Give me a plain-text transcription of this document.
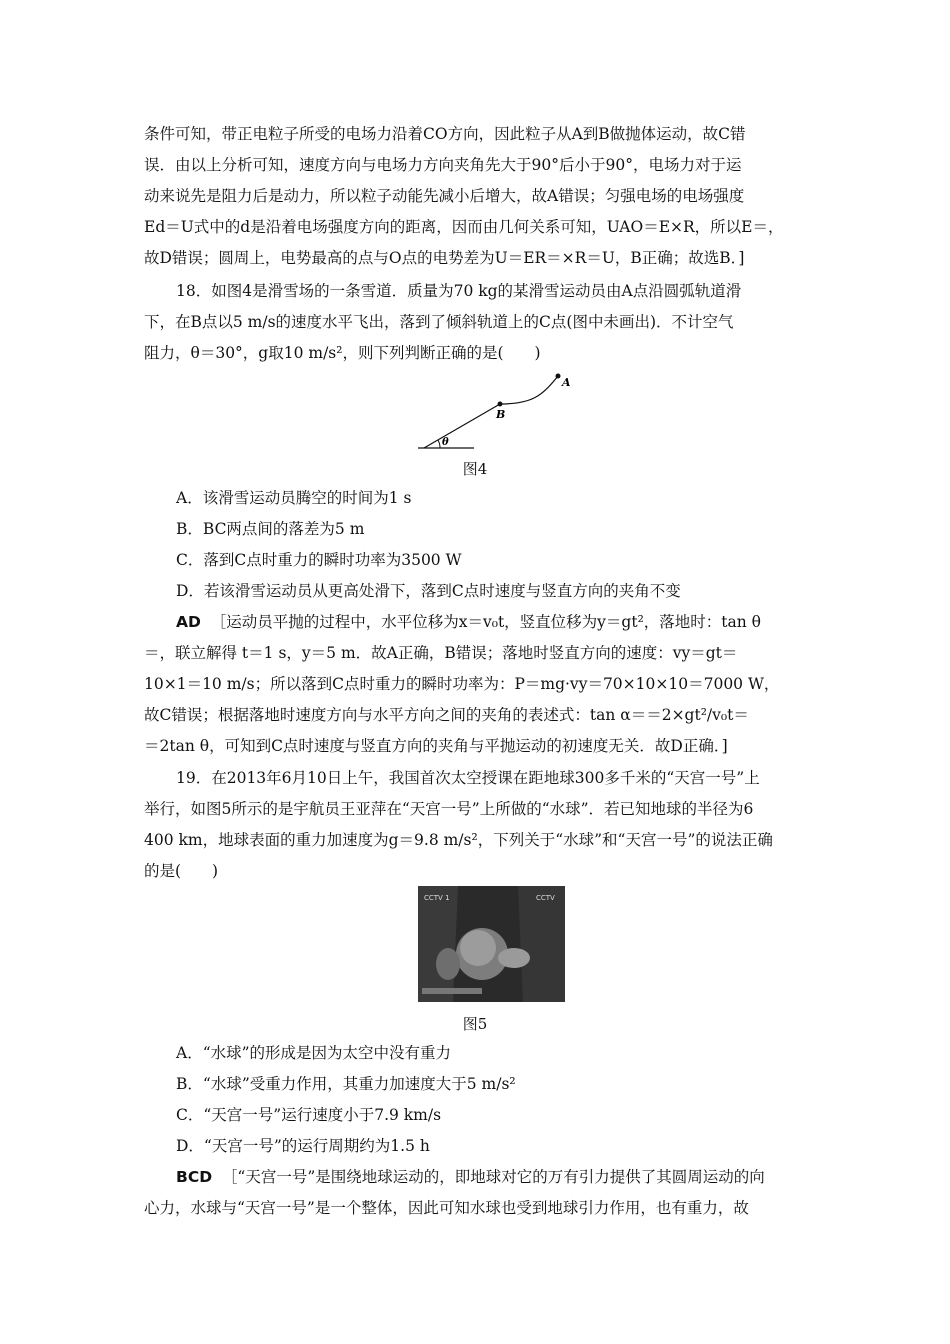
条件可知，带正电粒子所受的电场力沿着CO方向，因此粒子从A到B做抛体运动，故C错
误．由以上分析可知，速度方向与电场力方向夹角先大于90°后小于90°，电场力对于运
动来说先是阻力后是动力，所以粒子动能先减小后增大，故A错误；匀强电场的电场强度
Ed＝U式中的d是沿着电场强度方向的距离，因而由几何关系可知，UAO＝E×R，所以E＝，
故D错误；圆周上，电势最高的点与O点的电势差为U＝ER＝×R＝U，B正确；故选B．]
18．如图4是滑雪场的一条雪道．质量为70 kg的某滑雪运动员由A点沿圆弧轨道滑
下，在B点以5 m/s的速度水平飞出，落到了倾斜轨道上的C点(图中未画出)．不计空气
阻力，θ＝30°，g取10 m/s²，则下列判断正确的是(　　)
A
B
θ
图4
A．该滑雪运动员腾空的时间为1 s
B．BC两点间的落差为5 m
C．落到C点时重力的瞬时功率为3500 W
D．若该滑雪运动员从更高处滑下，落到C点时速度与竖直方向的夹角不变
AD ［运动员平抛的过程中，水平位移为x＝v₀t，竖直位移为y＝gt²，落地时：tan θ
＝，联立解得 t＝1 s，y＝5 m．故A正确，B错误；落地时竖直方向的速度：vy＝gt＝
10×1＝10 m/s；所以落到C点时重力的瞬时功率为：P＝mg·vy＝70×10×10＝7000 W，
故C错误；根据落地时速度方向与水平方向之间的夹角的表述式：tan α＝＝2×gt²/v₀t＝
＝2tan θ，可知到C点时速度与竖直方向的夹角与平抛运动的初速度无关．故D正确．]
19．在2013年6月10日上午，我国首次太空授课在距地球300多千米的“天宫一号”上
举行，如图5所示的是宇航员王亚萍在“天宫一号”上所做的“水球”．若已知地球的半径为6
400 km，地球表面的重力加速度为g＝9.8 m/s²，下列关于“水球”和“天宫一号”的说法正确
的是(　　)
CCTV 1	CCTV
图5
A．“水球”的形成是因为太空中没有重力
B．“水球”受重力作用，其重力加速度大于5 m/s²
C．“天宫一号”运行速度小于7.9 km/s
D．“天宫一号”的运行周期约为1.5 h
BCD ［“天宫一号”是围绕地球运动的，即地球对它的万有引力提供了其圆周运动的向
心力，水球与“天宫一号”是一个整体，因此可知水球也受到地球引力作用，也有重力，故
